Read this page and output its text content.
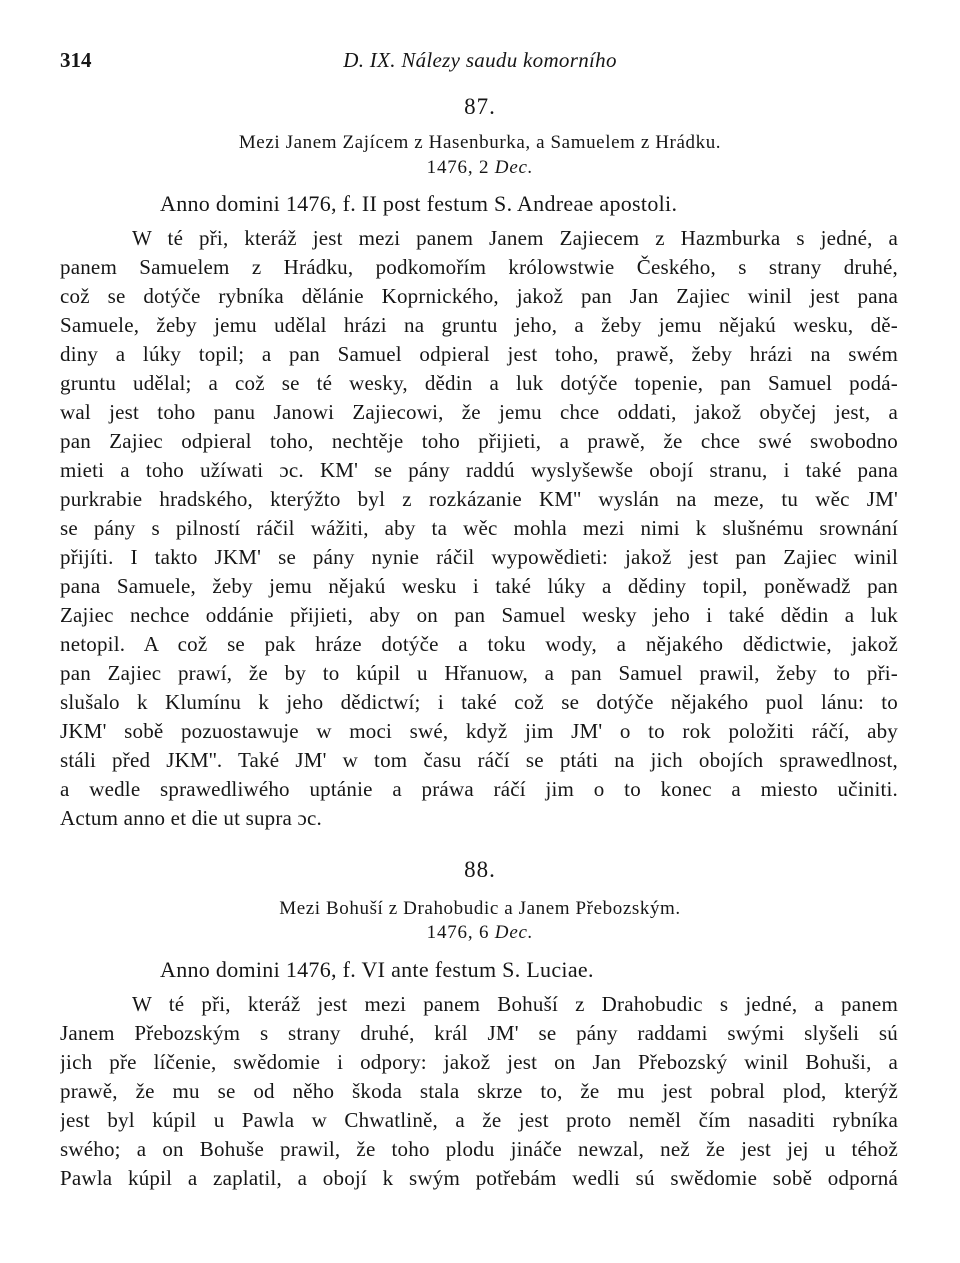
314	D. IX. Nálezy saudu komorního
87.
Mezi Janem Zajícem z Hasenburka, a Samuelem z Hrádku.
1476, 2 Dec.
Anno domini 1476, f. II post festum S. Andreae apostoli.
W té při, kteráž jest mezi panem Janem Zajiecem z Hazmburka s jedné, a
panem Samuelem z Hrádku, podkomořím królowstwie Českého, s strany druhé,
což se dotýče rybníka dělánie Koprnického, jakož pan Jan Zajiec winil jest pana
Samuele, žeby jemu udělal hrázi na gruntu jeho, a žeby jemu nějakú wesku, dě-
diny a lúky topil; a pan Samuel odpieral jest toho, prawě, žeby hrázi na swém
gruntu udělal; a což se té wesky, dědin a luk dotýče topenie, pan Samuel podá-
wal jest toho panu Janowi Zajiecowi, že jemu chce oddati, jakož obyčej jest, a
pan Zajiec odpieral toho, nechtěje toho přijieti, a prawě, že chce swé swobodno
mieti a toho užíwati ɔc. KM' se pány raddú wyslyšewše obojí stranu, i také pana
purkrabie hradského, kterýžto byl z rozkázanie KM'' wyslán na meze, tu wěc JM'
se pány s pilností ráčil wážiti, aby ta wěc mohla mezi nimi k slušnému srownání
přijíti. I takto JKM' se pány nynie ráčil wypowědieti: jakož jest pan Zajiec winil
pana Samuele, žeby jemu nějakú wesku i také lúky a dědiny topil, poněwadž pan
Zajiec nechce oddánie přijieti, aby on pan Samuel wesky jeho i také dědin a luk
netopil. A což se pak hráze dotýče a toku wody, a nějakého dědictwie, jakož
pan Zajiec prawí, že by to kúpil u Hřanuow, a pan Samuel prawil, žeby to při-
slušalo k Klumínu k jeho dědictwí; i také což se dotýče nějakého puol lánu: to
JKM' sobě pozuostawuje w moci swé, když jim JM' o to rok položiti ráčí, aby
stáli před JKM''. Také JM' w tom času ráčí se ptáti na jich obojích sprawedlnost,
a wedle sprawedliwého uptánie a práwa ráčí jim o to konec a miesto učiniti.
Actum anno et die ut supra ɔc.
88.
Mezi Bohuší z Drahobudic a Janem Přebozským.
1476, 6 Dec.
Anno domini 1476, f. VI ante festum S. Luciae.
W té při, kteráž jest mezi panem Bohuší z Drahobudic s jedné, a panem
Janem Přebozským s strany druhé, král JM' se pány raddami swými slyšeli sú
jich pře líčenie, swědomie i odpory: jakož jest on Jan Přebozský winil Bohuši, a
prawě, že mu se od něho škoda stala skrze to, že mu jest pobral plod, kterýž
jest byl kúpil u Pawla w Chwatlině, a že jest proto neměl čím nasaditi rybníka
swého; a on Bohuše prawil, že toho plodu jináče newzal, než že jest jej u téhož
Pawla kúpil a zaplatil, a obojí k swým potřebám wedli sú swědomie sobě odporná
